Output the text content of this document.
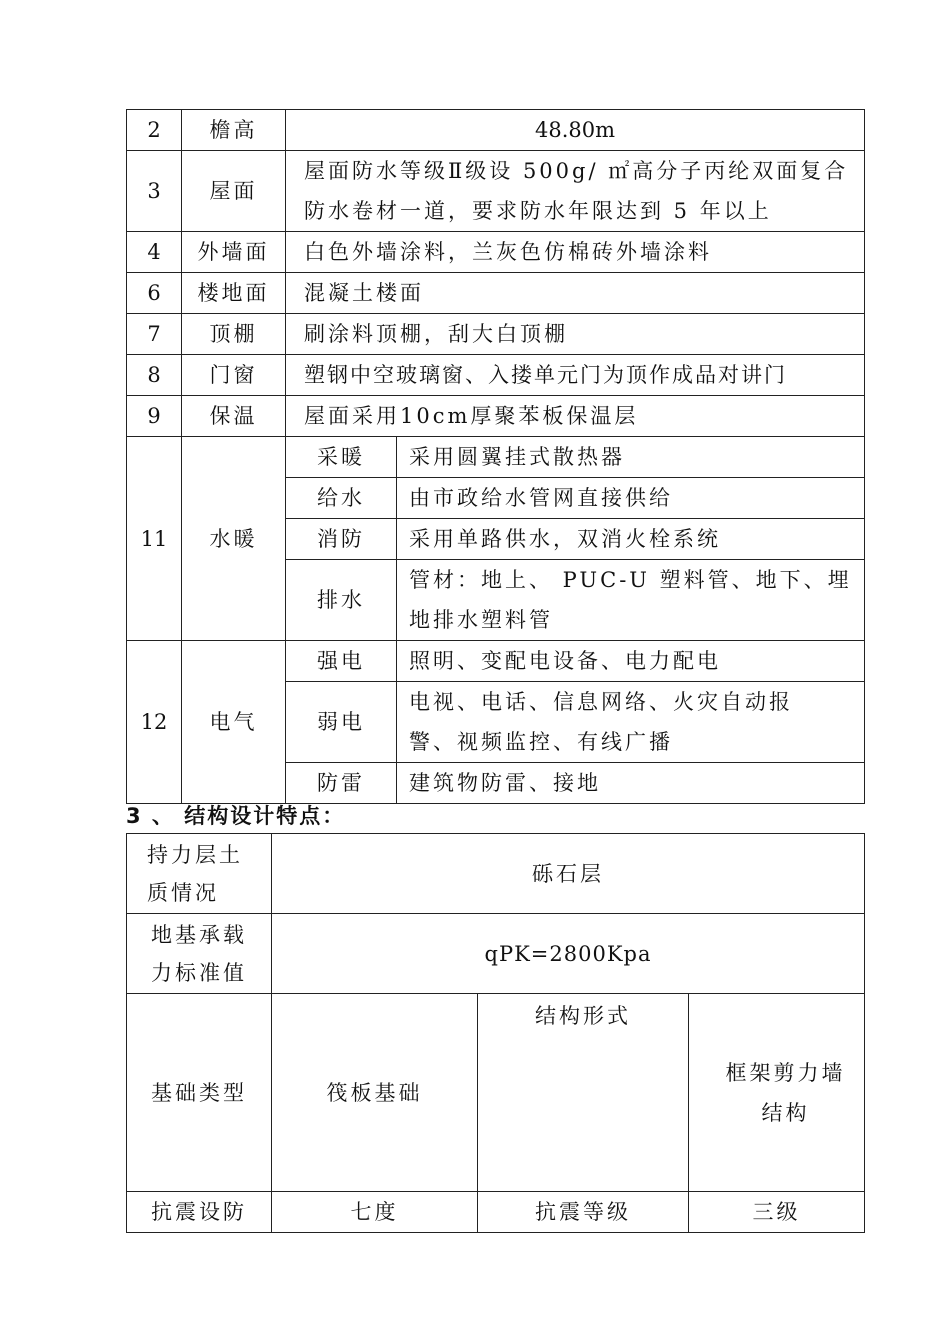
2	檐高	48.80m	
3	屋面	屋面防水等级Ⅱ级设 500g/ ㎡高分子丙纶双面复合防水卷材一道，要求防水年限达到 5 年以上	
4	外墙面	白色外墙涂料，兰灰色仿棉砖外墙涂料	
6	楼地面	混凝土楼面	
7	顶棚	刷涂料顶棚，刮大白顶棚	
8	门窗	塑钢中空玻璃窗、入搂单元门为顶作成品对讲门	
9	保温	屋面采用10cm厚聚苯板保温层	
11	水暖	采暖	采用圆翼挂式散热器
		给水	由市政给水管网直接供给
		消防	采用单路供水，双消火栓系统
		排水	管材：地上、 PUC-U 塑料管、地下、埋地排水塑料管
12	电气	强电	照明、变配电设备、电力配电
		弱电	电视、电话、信息网络、火灾自动报警、视频监控、有线广播
		防雷	建筑物防雷、接地
3 、 结构设计特点：
持力层土质情况	砾石层		
地基承载力标准值	qPK=2800Kpa		
基础类型	筏板基础	结构形式	框架剪力墙结构
抗震设防	七度	抗震等级	三级
